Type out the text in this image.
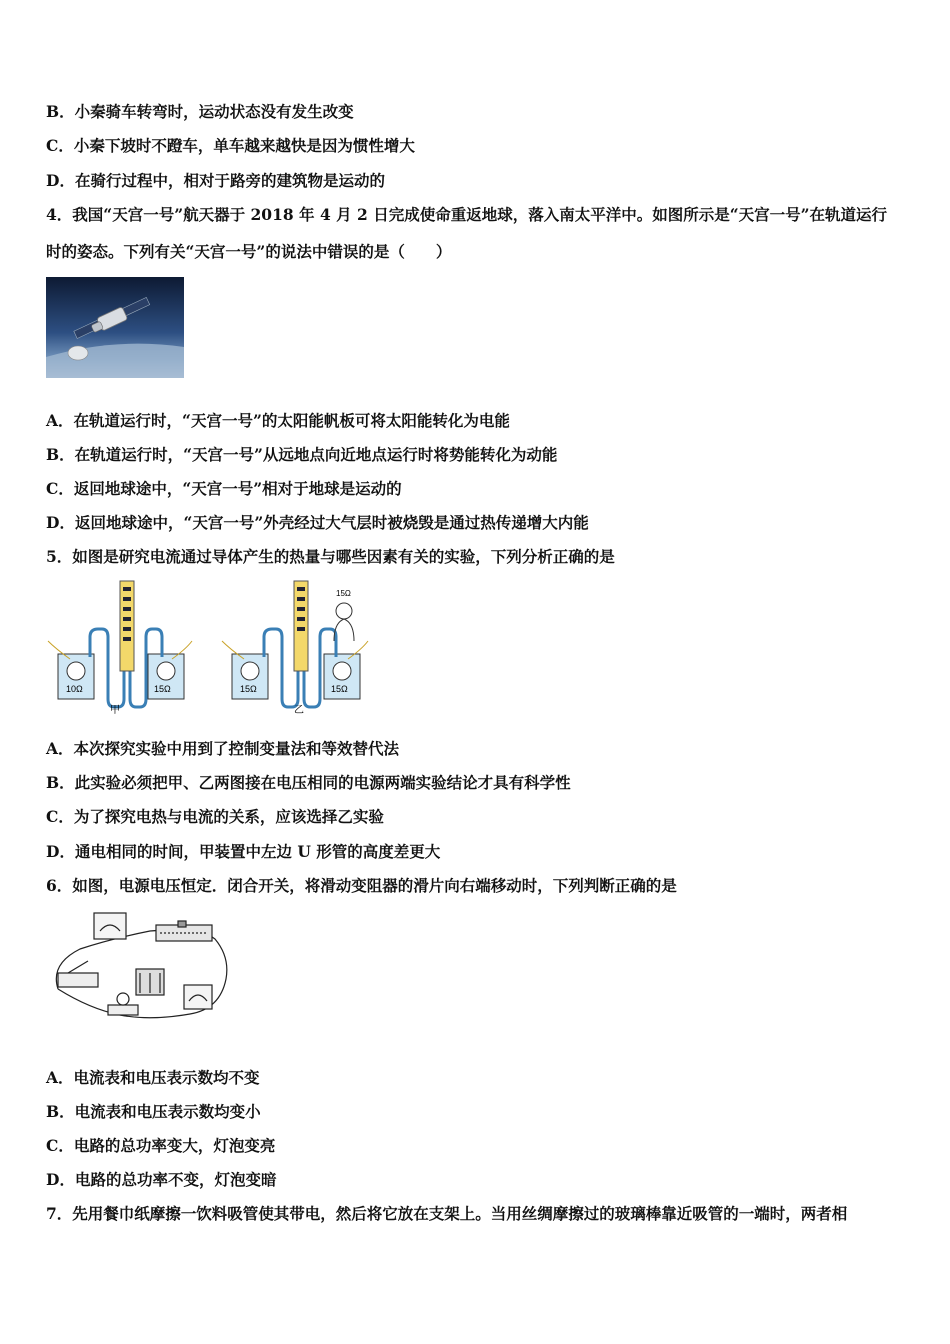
B．小秦骑车转弯时，运动状态没有发生改变
C．小秦下坡时不蹬车，单车越来越快是因为惯性增大
D．在骑行过程中，相对于路旁的建筑物是运动的
4．我国“天宫一号”航天器于 2018 年 4 月 2 日完成使命重返地球，落入南太平洋中。如图所示是“天宫一号”在轨道运行
时的姿态。下列有关“天宫一号”的说法中错误的是（　　）
A．在轨道运行时，“天宫一号”的太阳能帆板可将太阳能转化为电能
B．在轨道运行时，“天宫一号”从远地点向近地点运行时将势能转化为动能
C．返回地球途中，“天宫一号”相对于地球是运动的
D．返回地球途中，“天宫一号”外壳经过大气层时被烧毁是通过热传递增大内能
5．如图是研究电流通过导体产生的热量与哪些因素有关的实验，下列分析正确的是
10Ω	15Ω
甲
15Ω
15Ω	15Ω
乙
A．本次探究实验中用到了控制变量法和等效替代法
B．此实验必须把甲、乙两图接在电压相同的电源两端实验结论才具有科学性
C．为了探究电热与电流的关系，应该选择乙实验
D．通电相同的时间，甲装置中左边 U 形管的高度差更大
6．如图，电源电压恒定．闭合开关，将滑动变阻器的滑片向右端移动时，下列判断正确的是
A．电流表和电压表示数均不变
B．电流表和电压表示数均变小
C．电路的总功率变大，灯泡变亮
D．电路的总功率不变，灯泡变暗
7．先用餐巾纸摩擦一饮料吸管使其带电，然后将它放在支架上。当用丝绸摩擦过的玻璃棒靠近吸管的一端时，两者相
